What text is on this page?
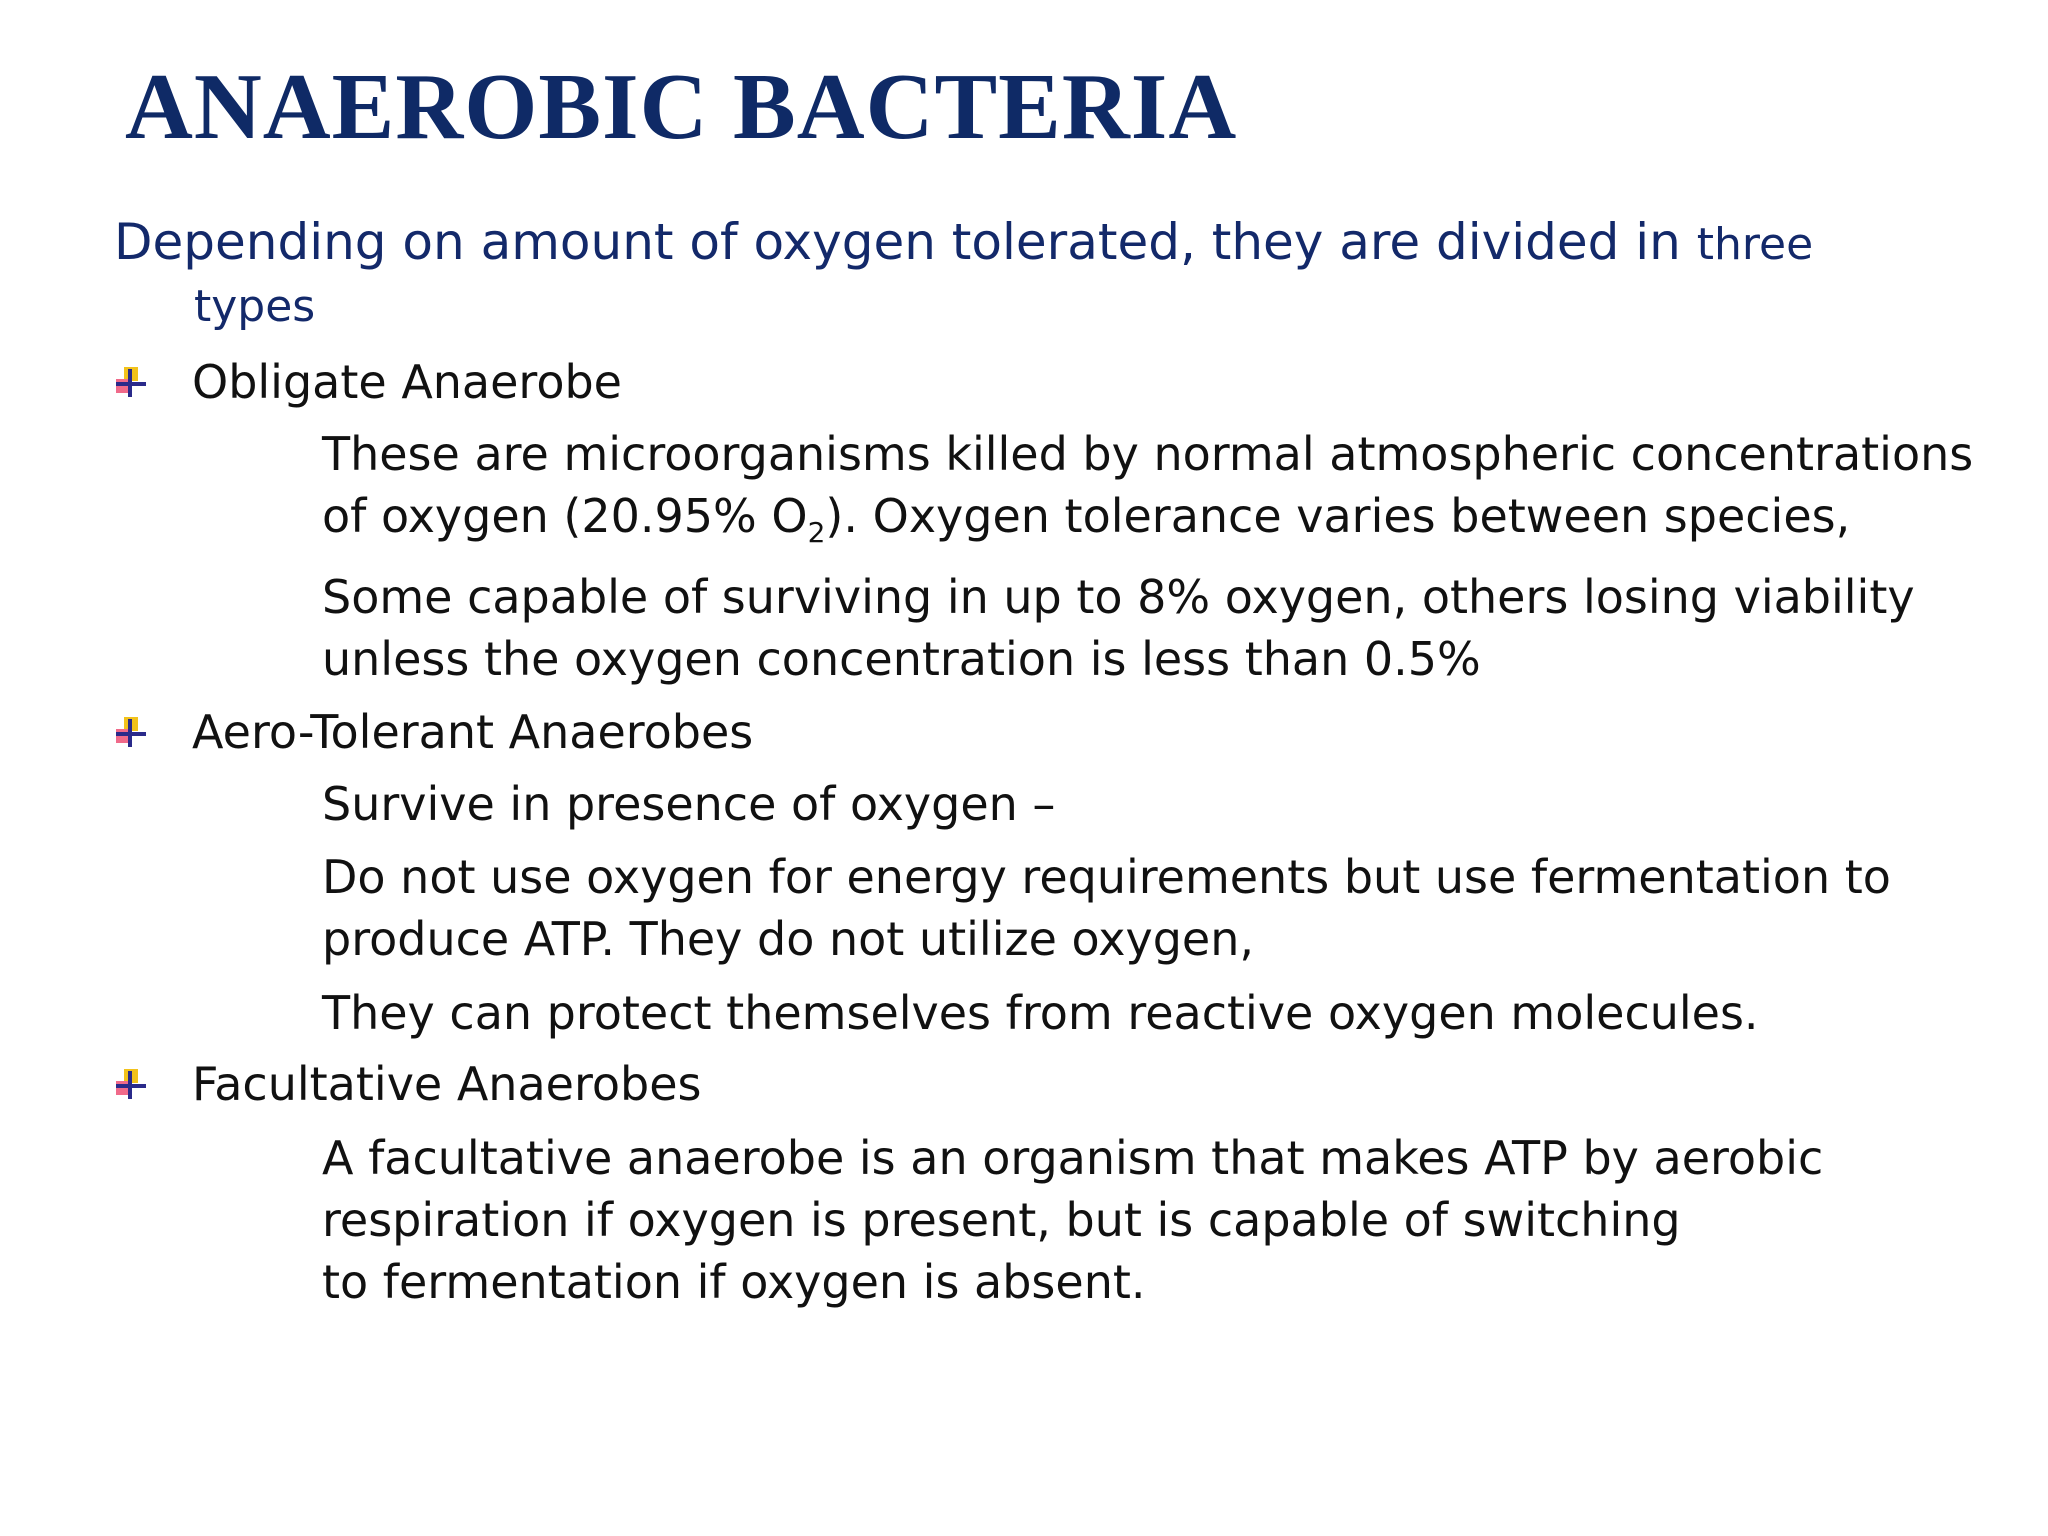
ANAEROBIC BACTERIA
Depending on amount of oxygen tolerated, they are divided in three
types
Obligate Anaerobe
These are microorganisms killed by normal atmospheric concentrations
of oxygen (20.95% $O_2$). Oxygen tolerance varies between species,
Some capable of surviving in up to 8% oxygen, others losing viability
unless the oxygen concentration is less than 0.5%
Aero-Tolerant Anaerobes
Survive in presence of oxygen –
Do not use oxygen for energy requirements but use fermentation to
produce ATP. They do not utilize oxygen,
They can protect themselves from reactive oxygen molecules.
Facultative Anaerobes
A facultative anaerobe is an organism that makes ATP by aerobic
respiration if oxygen is present, but is capable of switching
to fermentation if oxygen is absent.
